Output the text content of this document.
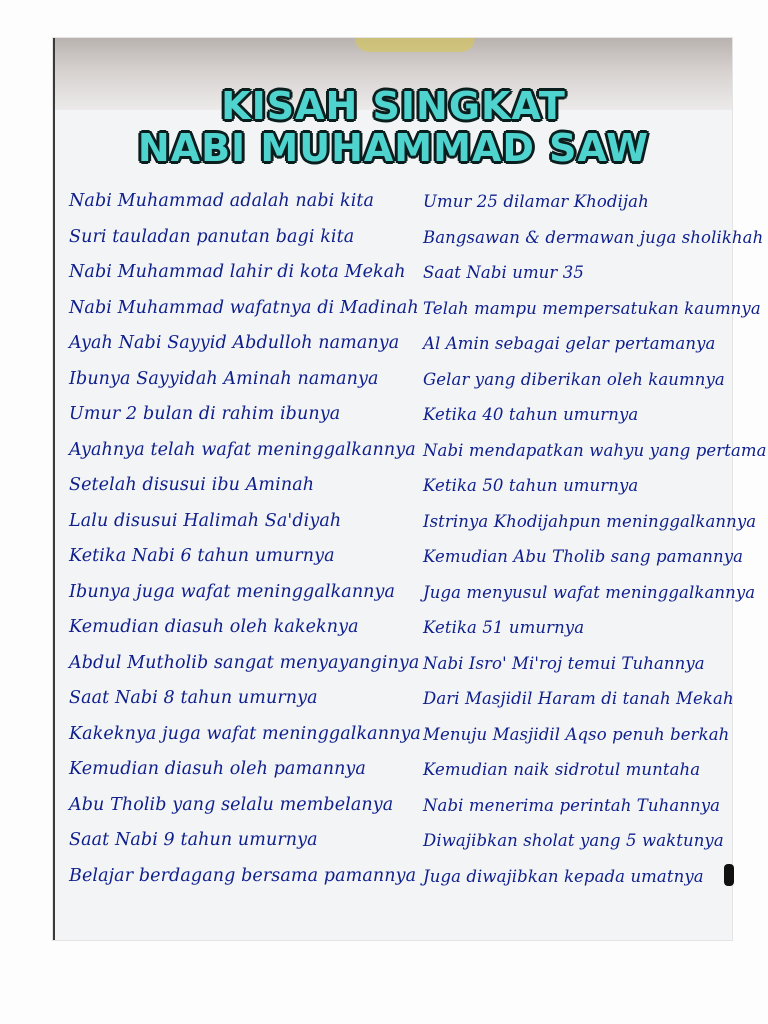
KISAH SINGKAT
NABI MUHAMMAD SAW
Nabi Muhammad adalah nabi kita
Suri tauladan panutan bagi kita
Nabi Muhammad lahir di kota Mekah
Nabi Muhammad wafatnya di Madinah
Ayah Nabi Sayyid Abdulloh namanya
Ibunya Sayyidah Aminah namanya
Umur 2 bulan di rahim ibunya
Ayahnya telah wafat meninggalkannya
Setelah disusui ibu Aminah
Lalu disusui Halimah Sa'diyah
Ketika Nabi 6 tahun umurnya
Ibunya juga wafat meninggalkannya
Kemudian diasuh oleh kakeknya
Abdul Mutholib sangat menyayanginya
Saat Nabi 8 tahun umurnya
Kakeknya juga wafat meninggalkannya
Kemudian diasuh oleh pamannya
Abu Tholib yang selalu membelanya
Saat Nabi 9 tahun umurnya
Belajar berdagang bersama pamannya
Umur 25 dilamar Khodijah
Bangsawan & dermawan juga sholikhah
Saat Nabi umur 35
Telah mampu mempersatukan kaumnya
Al Amin sebagai gelar pertamanya
Gelar yang diberikan oleh kaumnya
Ketika 40 tahun umurnya
Nabi mendapatkan wahyu yang pertama
Ketika 50 tahun umurnya
Istrinya Khodijahpun meninggalkannya
Kemudian Abu Tholib sang pamannya
Juga menyusul wafat meninggalkannya
Ketika 51 umurnya
Nabi Isro' Mi'roj temui Tuhannya
Dari Masjidil Haram di tanah Mekah
Menuju Masjidil Aqso penuh berkah
Kemudian naik sidrotul muntaha
Nabi menerima perintah Tuhannya
Diwajibkan sholat yang 5 waktunya
Juga diwajibkan kepada umatnya
